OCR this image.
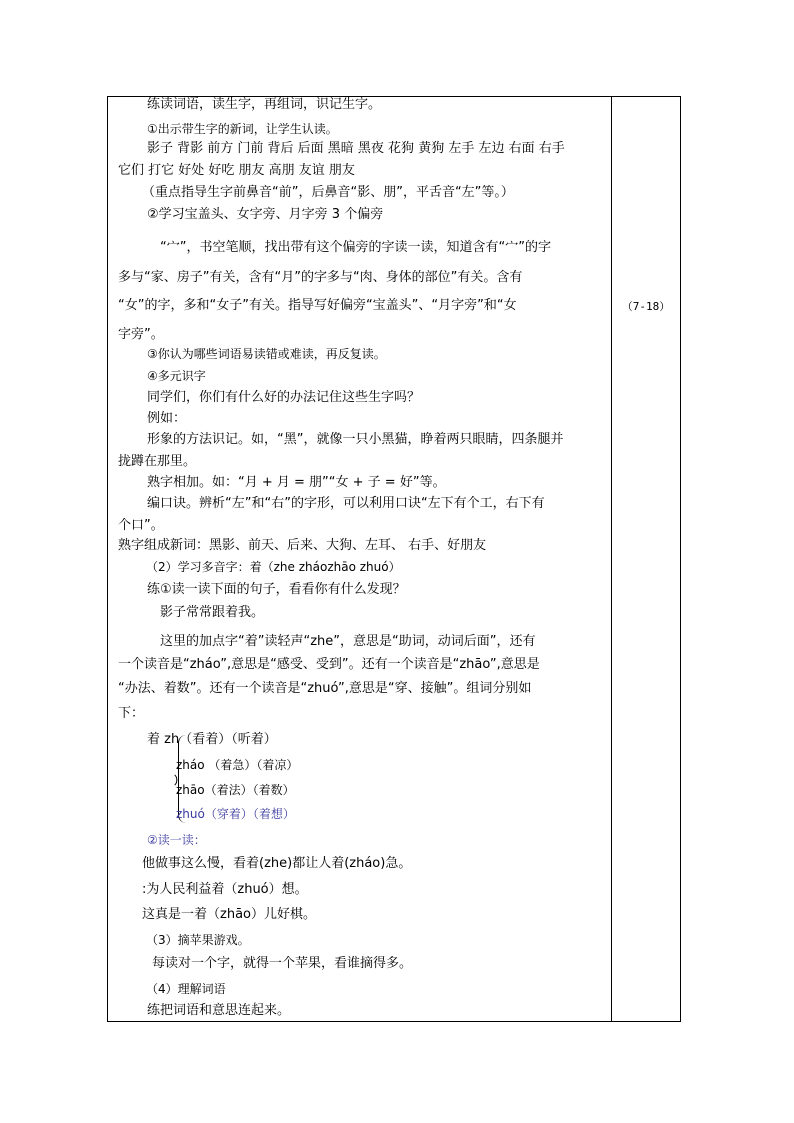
（7-18）
练读词语，读生字，再组词，识记生字。
①出示带生字的新词，让学生认读。
影子 背影 前方 门前 背后 后面 黑暗 黑夜 花狗 黄狗 左手 左边 右面 右手
它们 打它 好处 好吃 朋友 高朋 友谊 朋友
（重点指导生字前鼻音“前”，后鼻音“影、朋”，平舌音“左”等。）
②学习宝盖头、女字旁、月字旁 3 个偏旁
“宀”，书空笔顺，找出带有这个偏旁的字读一读，知道含有“宀”的字
多与“家、房子”有关，含有“月”的字多与“肉、身体的部位”有关。含有
“女”的字，多和“女子”有关。指导写好偏旁“宝盖头”、“月字旁”和“女
字旁”。
③你认为哪些词语易读错或难读，再反复读。
④多元识字
同学们，你们有什么好的办法记住这些生字吗？
例如：
形象的方法识记。如，“黑”，就像一只小黑猫，睁着两只眼睛，四条腿并
拢蹲在那里。
熟字相加。如：“月 + 月 = 朋”“女 + 子 = 好”等。
编口诀。辨析“左”和“右”的字形，可以利用口诀“左下有个工，右下有
个口”。
熟字组成新词：黑影、前天、后来、大狗、左耳、 右手、好朋友
（2）学习多音字：着（zhe zháozhāo zhuó）
练①读一读下面的句子，看看你有什么发现？
影子常常跟着我。
这里的加点字“着”读轻声“zhe”，意思是“助词，动词后面”，还有
一个读音是“zháo”,意思是“感受、受到”。还有一个读音是“zhāo”,意思是
“办法、着数”。还有一个读音是“zhuó”,意思是“穿、接触”。组词分别如
下：
着 zh（看着）（听着）
zháo （着急）（着凉）
zhāo（着法）（着数）
zhuó（穿着）（着想）
②读一读：
他做事这么慢，看着(zhe)都让人着(zháo)急。
:为人民利益着（zhuó）想。
这真是一着（zhāo）儿好棋。
（3）摘苹果游戏。
每读对一个字，就得一个苹果，看谁摘得多。
（4）理解词语
练把词语和意思连起来。
